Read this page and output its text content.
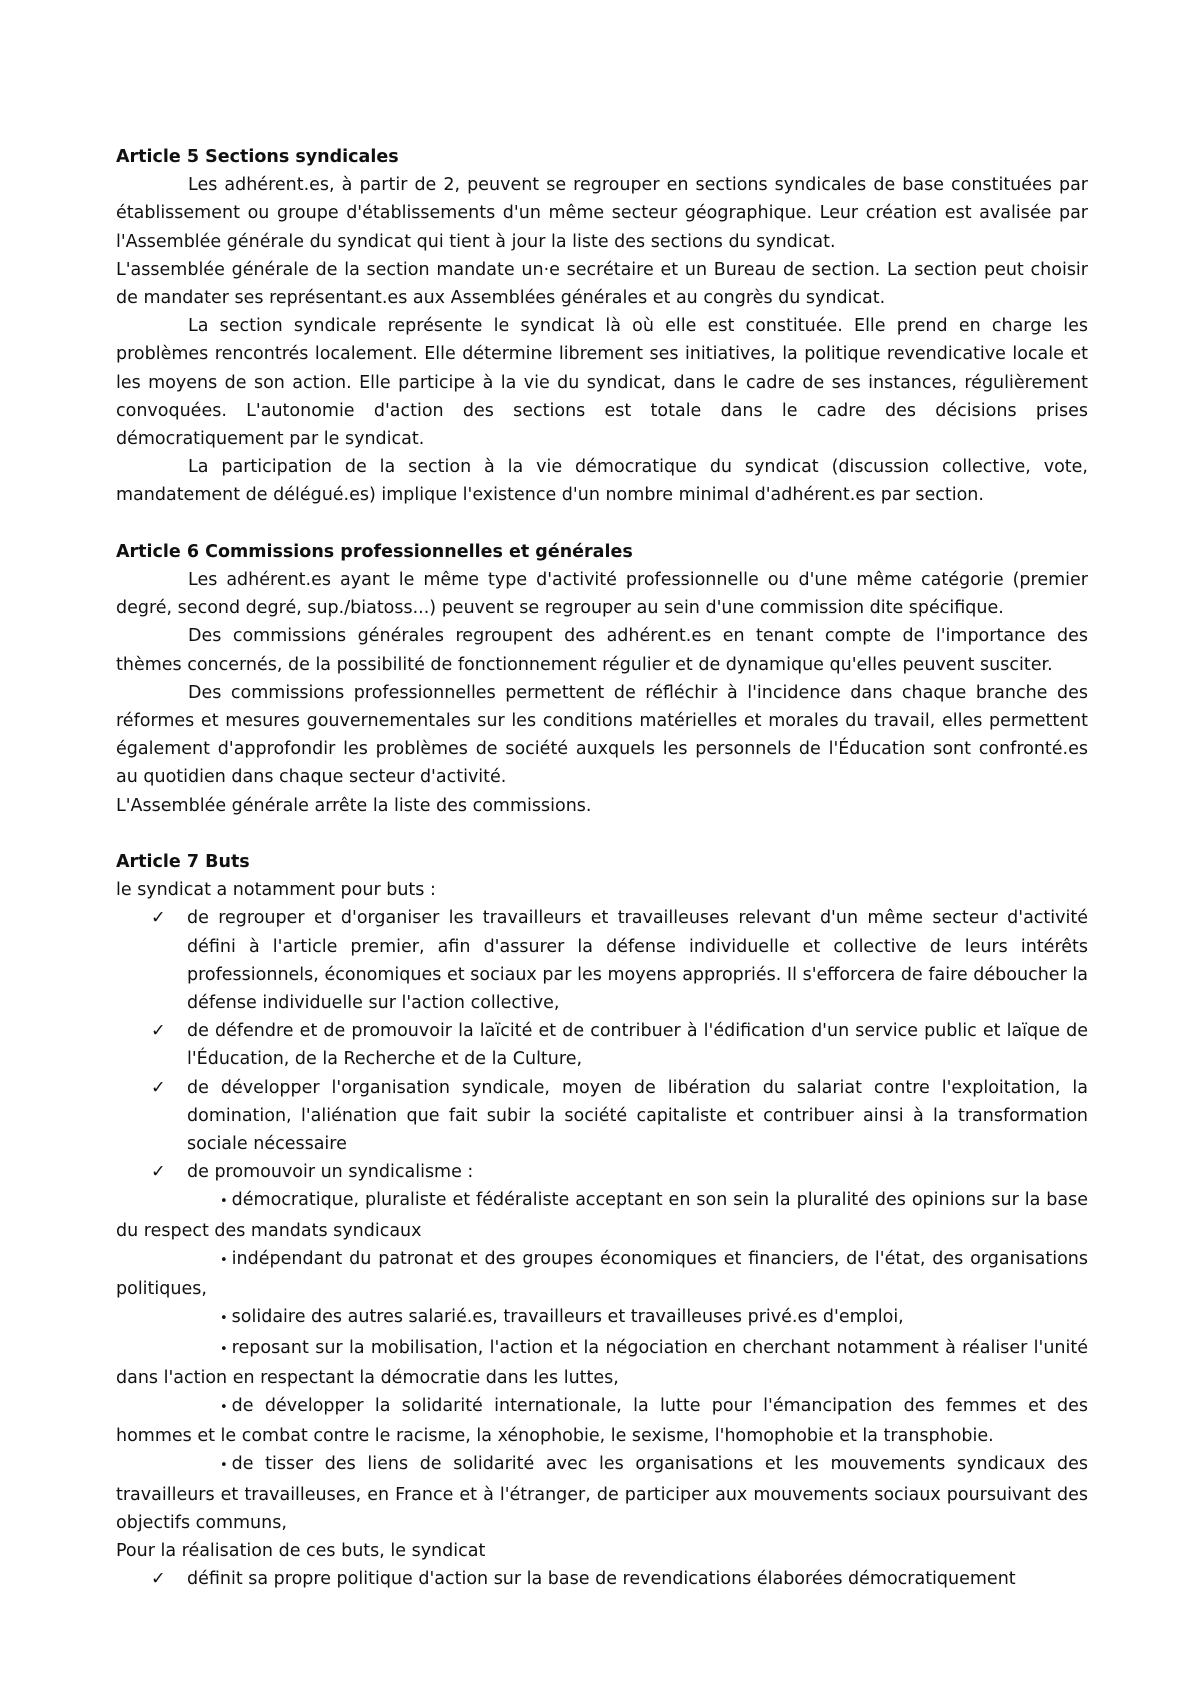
Article 5 Sections syndicales

Les adhérent.es, à partir de 2, peuvent se regrouper en sections syndicales de base constituées par établissement ou groupe d'établissements d'un même secteur géographique. Leur création est avalisée par l'Assemblée générale du syndicat qui tient à jour la liste des sections du syndicat.

L'assemblée générale de la section mandate un·e secrétaire et un Bureau de section. La section peut choisir de mandater ses représentant.es aux Assemblées générales et au congrès du syndicat.

La section syndicale représente le syndicat là où elle est constituée. Elle prend en charge les problèmes rencontrés localement. Elle détermine librement ses initiatives, la politique revendicative locale et les moyens de son action. Elle participe à la vie du syndicat, dans le cadre de ses instances, régulièrement convoquées. L'autonomie d'action des sections est totale dans le cadre des décisions prises démocratiquement par le syndicat.

La participation de la section à la vie démocratique du syndicat (discussion collective, vote, mandatement de délégué.es) implique l'existence d'un nombre minimal d'adhérent.es par section.

Article 6 Commissions professionnelles et générales

Les adhérent.es ayant le même type d'activité professionnelle ou d'une même catégorie (premier degré, second degré, sup./biatoss...) peuvent se regrouper au sein d'une commission dite spécifique.

Des commissions générales regroupent des adhérent.es en tenant compte de l'importance des thèmes concernés, de la possibilité de fonctionnement régulier et de dynamique qu'elles peuvent susciter.

Des commissions professionnelles permettent de réfléchir à l'incidence dans chaque branche des réformes et mesures gouvernementales sur les conditions matérielles et morales du travail, elles permettent également d'approfondir les problèmes de société auxquels les personnels de l'Éducation sont confronté.es au quotidien dans chaque secteur d'activité.

L'Assemblée générale arrête la liste des commissions.

Article 7 Buts

le syndicat a notamment pour buts :

✓ de regrouper et d'organiser les travailleurs et travailleuses relevant d'un même secteur d'activité défini à l'article premier, afin d'assurer la défense individuelle et collective de leurs intérêts professionnels, économiques et sociaux par les moyens appropriés. Il s'efforcera de faire déboucher la défense individuelle sur l'action collective,
✓ de défendre et de promouvoir la laïcité et de contribuer à l'édification d'un service public et laïque de l'Éducation, de la Recherche et de la Culture,
✓ de développer l'organisation syndicale, moyen de libération du salariat contre l'exploitation, la domination, l'aliénation que fait subir la société capitaliste et contribuer ainsi à la transformation sociale nécessaire
✓ de promouvoir un syndicalisme :

• démocratique, pluraliste et fédéraliste acceptant en son sein la pluralité des opinions sur la base du respect des mandats syndicaux

• indépendant du patronat et des groupes économiques et financiers, de l'état, des organisations politiques,

• solidaire des autres salarié.es, travailleurs et travailleuses privé.es d'emploi,

• reposant sur la mobilisation, l'action et la négociation en cherchant notamment à réaliser l'unité dans l'action en respectant la démocratie dans les luttes,

• de développer la solidarité internationale, la lutte pour l'émancipation des femmes et des hommes et le combat contre le racisme, la xénophobie, le sexisme, l'homophobie et la transphobie.

• de tisser des liens de solidarité avec les organisations et les mouvements syndicaux des travailleurs et travailleuses, en France et à l'étranger, de participer aux mouvements sociaux poursuivant des objectifs communs,

Pour la réalisation de ces buts, le syndicat

✓ définit sa propre politique d'action sur la base de revendications élaborées démocratiquement
